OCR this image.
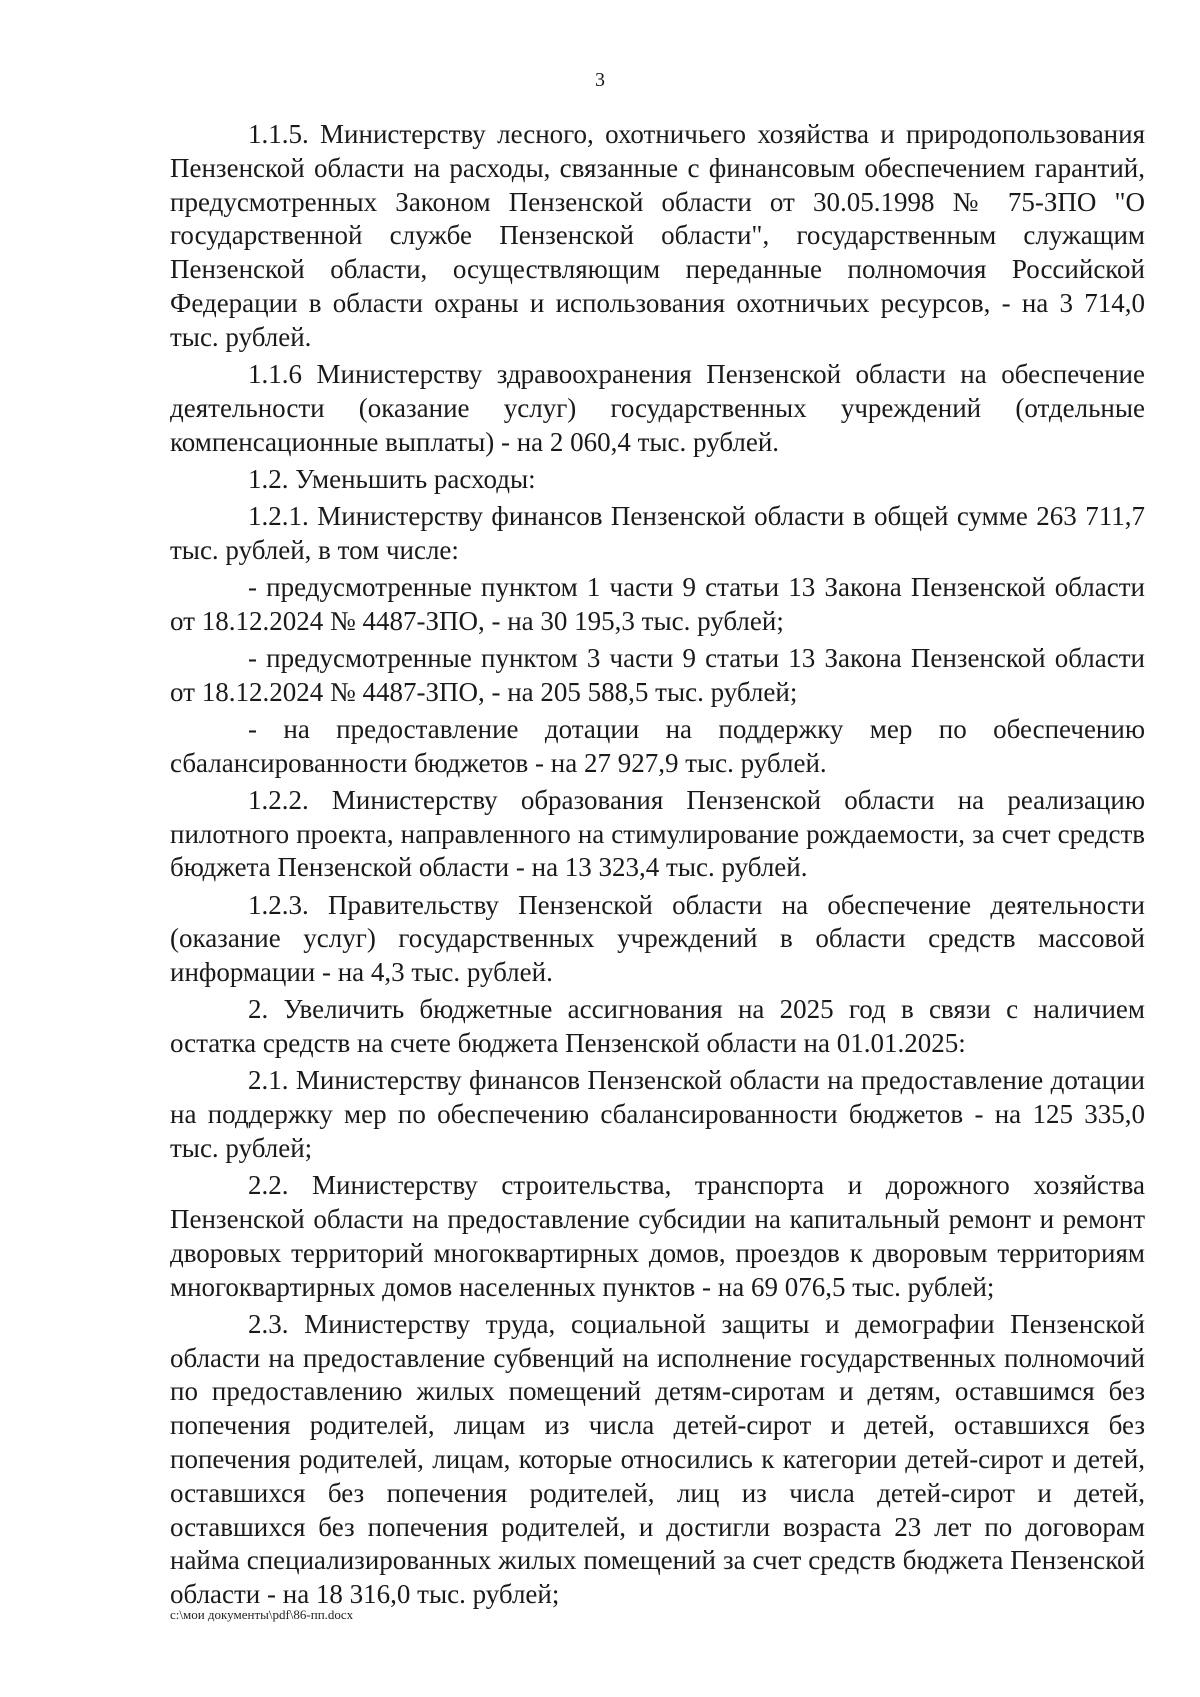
3

1.1.5. Министерству лесного, охотничьего хозяйства и природопользования Пензенской области на расходы, связанные с финансовым обеспечением гарантий, предусмотренных Законом Пензенской области от 30.05.1998 № 75-ЗПО "О государственной службе Пензенской области", государственным служащим Пензенской области, осуществляющим переданные полномочия Российской Федерации в области охраны и использования охотничьих ресурсов, - на 3 714,0 тыс. рублей.

1.1.6 Министерству здравоохранения Пензенской области на обеспечение деятельности (оказание услуг) государственных учреждений (отдельные компенсационные выплаты) - на 2 060,4 тыс. рублей.

1.2. Уменьшить расходы:

1.2.1. Министерству финансов Пензенской области в общей сумме 263 711,7 тыс. рублей, в том числе:

- предусмотренные пунктом 1 части 9 статьи 13 Закона Пензенской области от 18.12.2024 № 4487-ЗПО, - на 30 195,3 тыс. рублей;

- предусмотренные пунктом 3 части 9 статьи 13 Закона Пензенской области от 18.12.2024 № 4487-ЗПО, - на 205 588,5 тыс. рублей;

- на предоставление дотации на поддержку мер по обеспечению сбалансированности бюджетов - на 27 927,9 тыс. рублей.

1.2.2. Министерству образования Пензенской области на реализацию пилотного проекта, направленного на стимулирование рождаемости, за счет средств бюджета Пензенской области - на 13 323,4 тыс. рублей.

1.2.3. Правительству Пензенской области на обеспечение деятельности (оказание услуг) государственных учреждений в области средств массовой информации - на 4,3 тыс. рублей.

2. Увеличить бюджетные ассигнования на 2025 год в связи с наличием остатка средств на счете бюджета Пензенской области на 01.01.2025:

2.1. Министерству финансов Пензенской области на предоставление дотации на поддержку мер по обеспечению сбалансированности бюджетов - на 125 335,0 тыс. рублей;

2.2. Министерству строительства, транспорта и дорожного хозяйства Пензенской области на предоставление субсидии на капитальный ремонт и ремонт дворовых территорий многоквартирных домов, проездов к дворовым территориям многоквартирных домов населенных пунктов - на 69 076,5 тыс. рублей;

2.3. Министерству труда, социальной защиты и демографии Пензенской области на предоставление субвенций на исполнение государственных полномочий по предоставлению жилых помещений детям-сиротам и детям, оставшимся без попечения родителей, лицам из числа детей-сирот и детей, оставшихся без попечения родителей, лицам, которые относились к категории детей-сирот и детей, оставшихся без попечения родителей, лиц из числа детей-сирот и детей, оставшихся без попечения родителей, и достигли возраста 23 лет по договорам найма специализированных жилых помещений за счет средств бюджета Пензенской области - на 18 316,0 тыс. рублей;

c:\мои документы\pdf\86-пп.docx
